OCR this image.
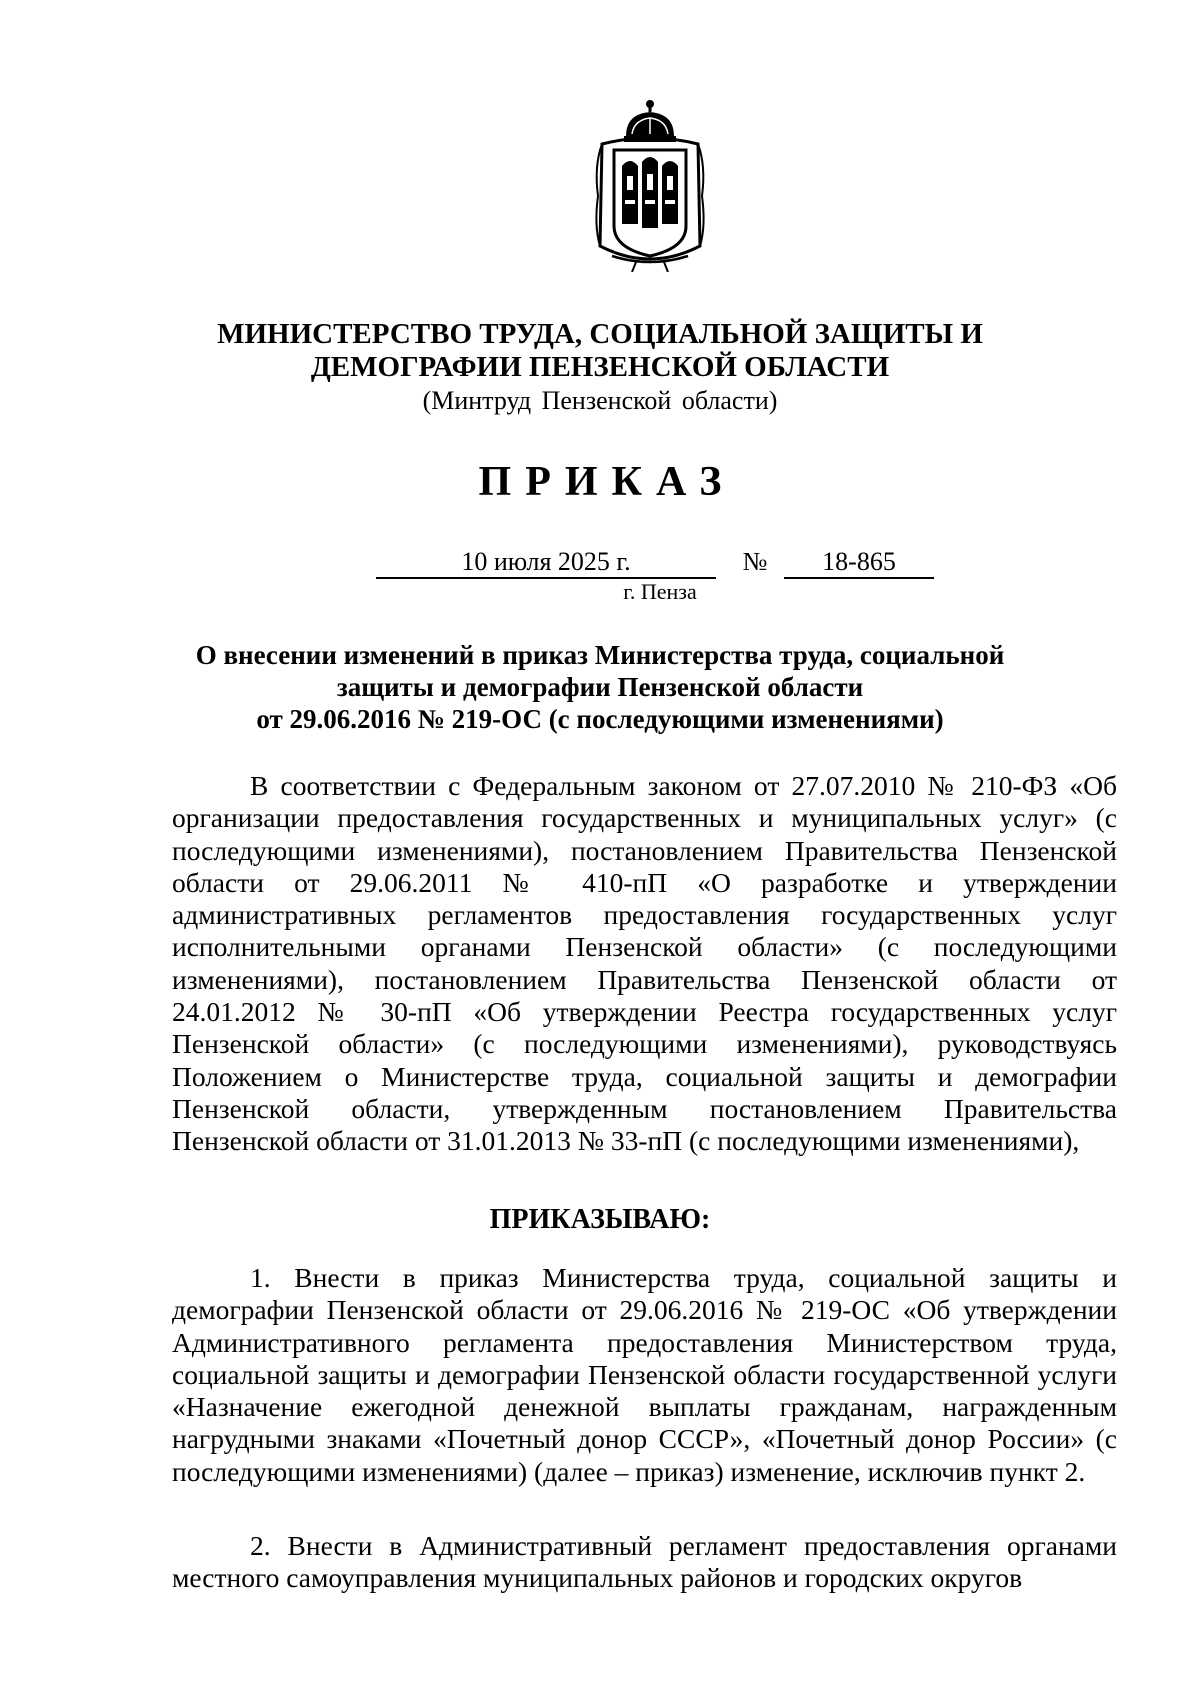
МИНИСТЕРСТВО ТРУДА, СОЦИАЛЬНОЙ ЗАЩИТЫ И
ДЕМОГРАФИИ ПЕНЗЕНСКОЙ ОБЛАСТИ
(Минтруд Пензенской области)
ПРИКАЗ
10 июля 2025 г.	№	18-865
г. Пенза
О внесении изменений в приказ Министерства труда, социальной
защиты и демографии Пензенской области
от 29.06.2016 № 219-ОС (с последующими изменениями)

В соответствии с Федеральным законом от 27.07.2010 № 210-ФЗ «Об организации предоставления государственных и муниципальных услуг» (с последующими изменениями), постановлением Правительства Пензенской области от 29.06.2011 № 410-пП «О разработке и утверждении административных регламентов предоставления государственных услуг исполнительными органами Пензенской области» (с последующими изменениями), постановлением Правительства Пензенской области от 24.01.2012 № 30-пП «Об утверждении Реестра государственных услуг Пензенской области» (с последующими изменениями), руководствуясь Положением о Министерстве труда, социальной защиты и демографии Пензенской области, утвержденным постановлением Правительства Пензенской области от 31.01.2013 № 33-пП (с последующими изменениями),

ПРИКАЗЫВАЮ:

1. Внести в приказ Министерства труда, социальной защиты и демографии Пензенской области от 29.06.2016 № 219-ОС «Об утверждении Административного регламента предоставления Министерством труда, социальной защиты и демографии Пензенской области государственной услуги «Назначение ежегодной денежной выплаты гражданам, награжденным нагрудными знаками «Почетный донор СССР», «Почетный донор России» (с последующими изменениями) (далее – приказ) изменение, исключив пункт 2.

2. Внести в Административный регламент предоставления органами местного самоуправления муниципальных районов и городских округов
